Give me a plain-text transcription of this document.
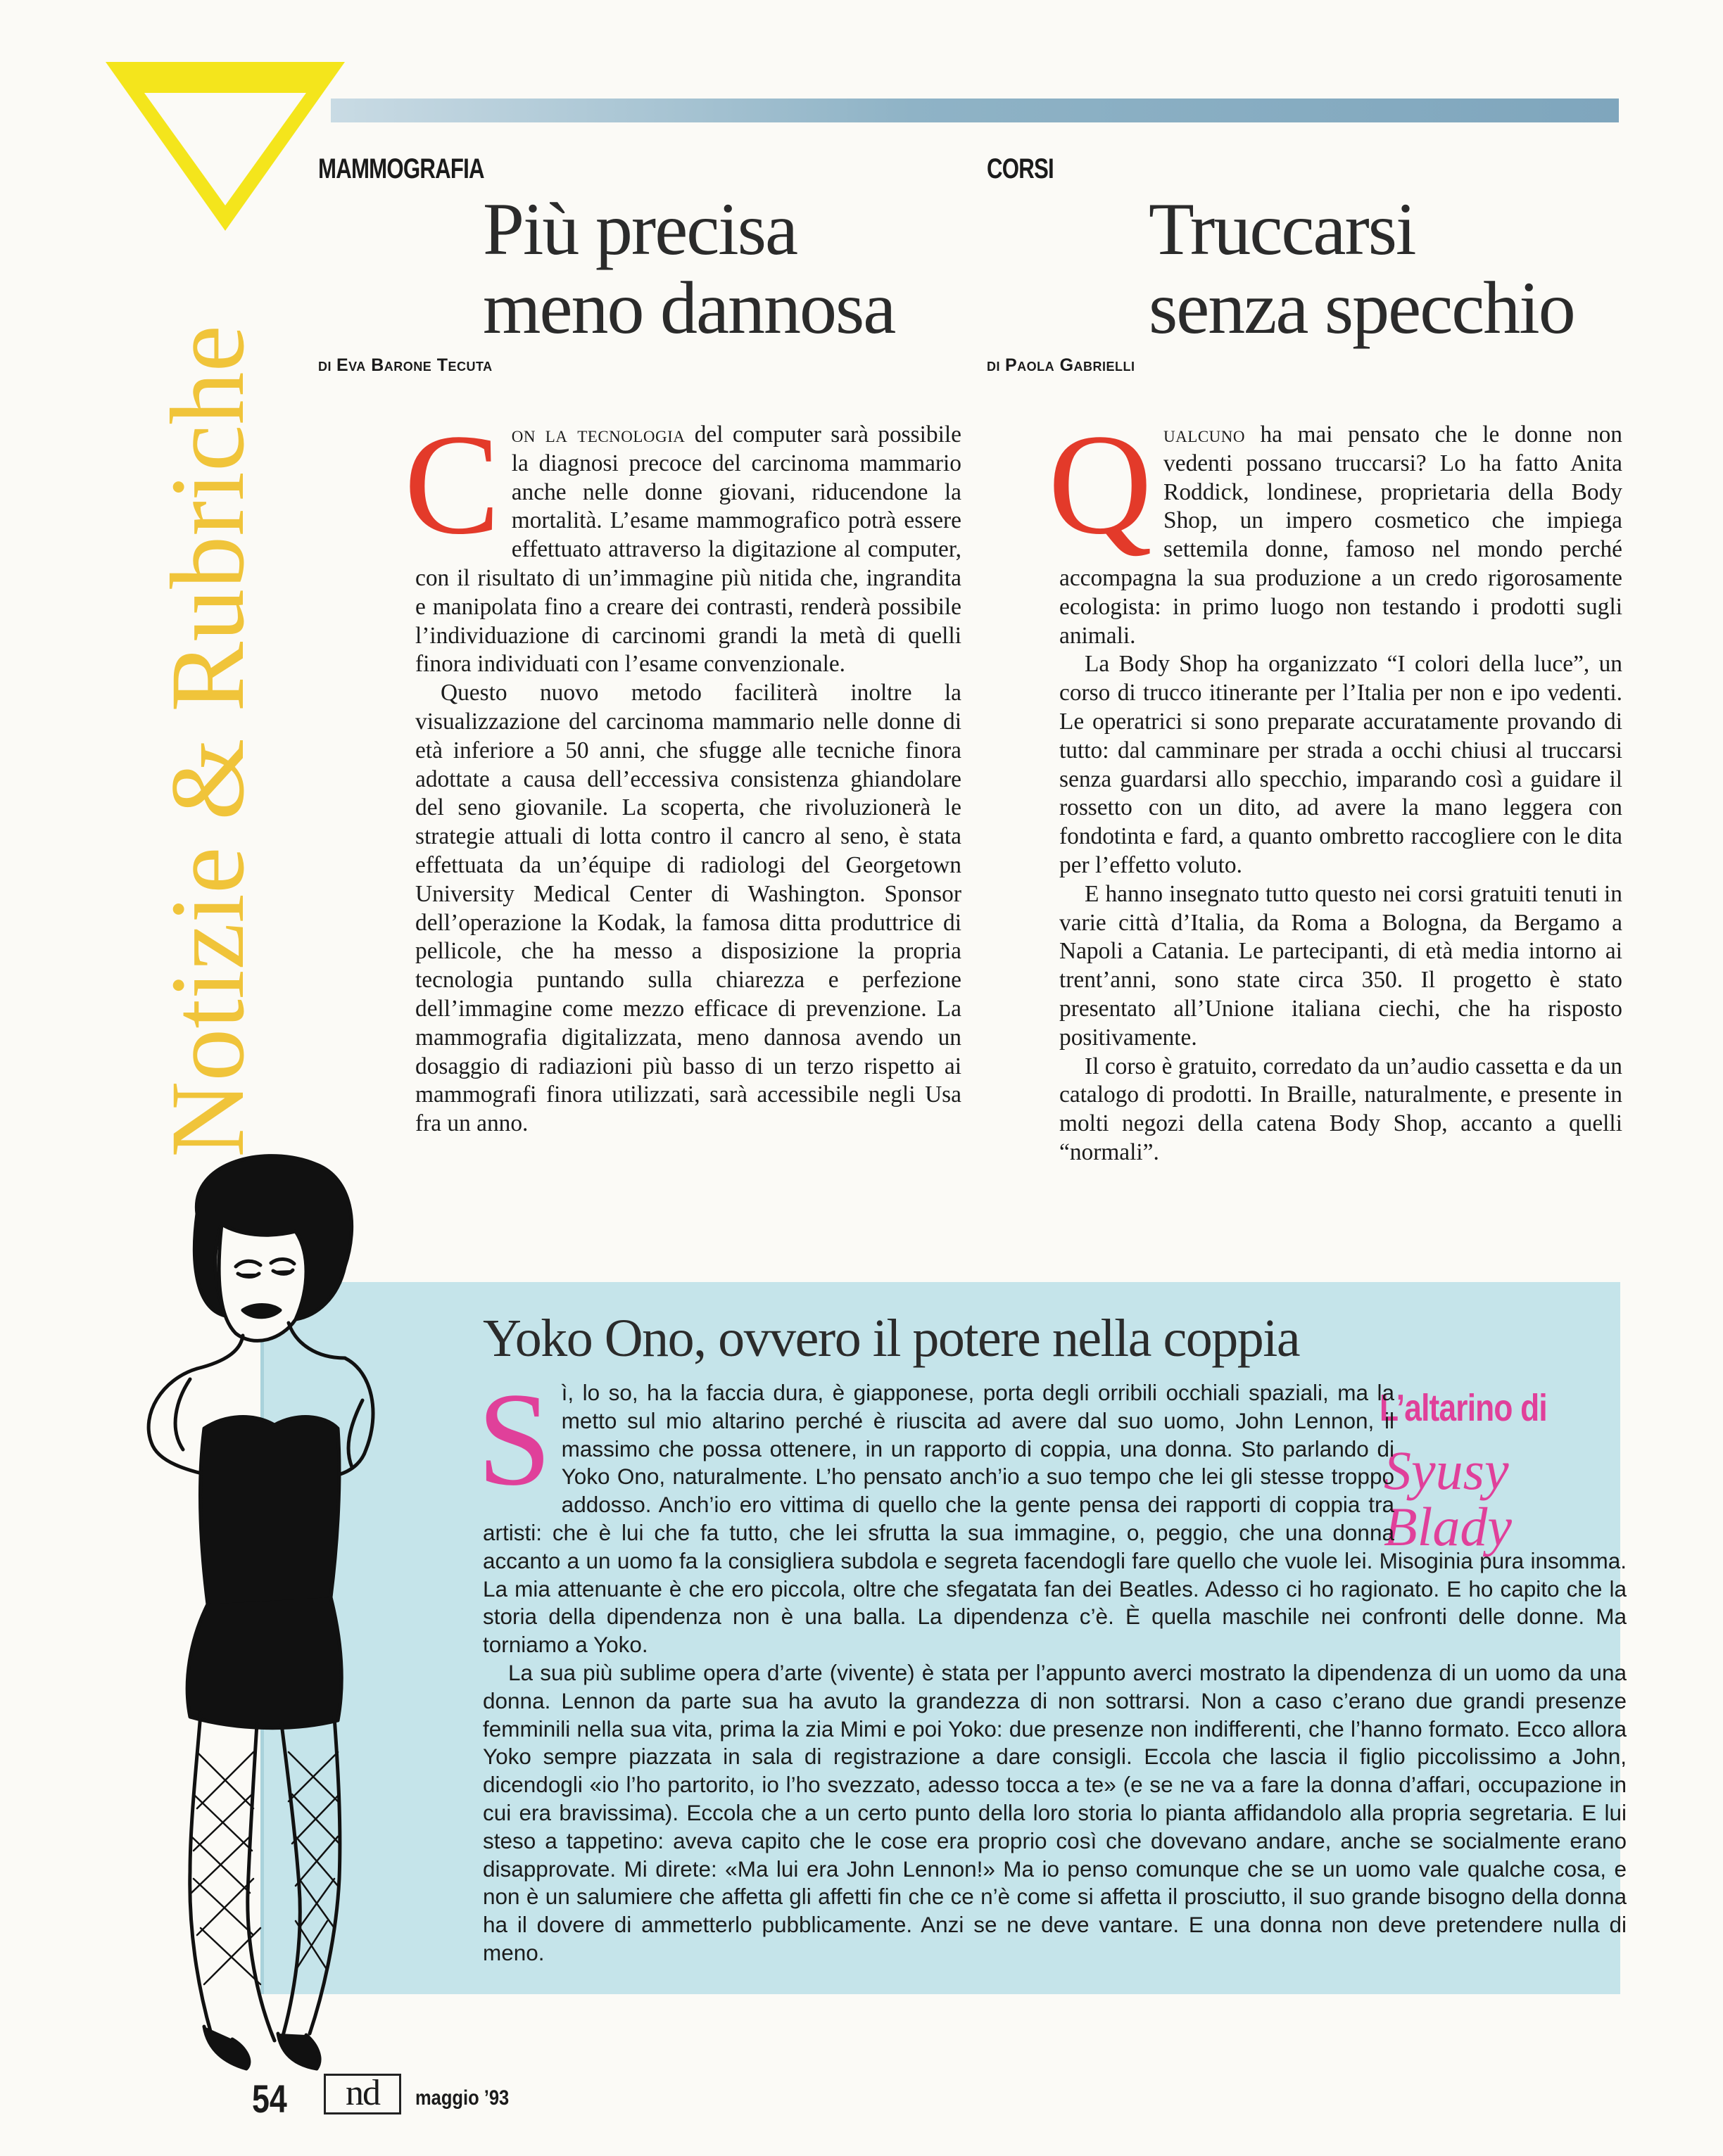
Notizie & Rubriche
MAMMOGRAFIA
Più precisa
meno dannosa
di Eva Barone Tecuta

Con la tecnologia del computer sarà possibile la diagnosi precoce del carcinoma mammario anche nelle donne giovani, riducendone la mortalità. L’esame mammografico potrà essere effettuato attraverso la digitazione al computer, con il risultato di un’immagine più nitida che, ingrandita e manipolata fino a creare dei contrasti, renderà possibile l’individuazione di carcinomi grandi la metà di quelli finora individuati con l’esame convenzionale.

Questo nuovo metodo faciliterà inoltre la visualizzazione del carcinoma mammario nelle donne di età inferiore a 50 anni, che sfugge alle tecniche finora adottate a causa dell’eccessiva consistenza ghiandolare del seno giovanile. La scoperta, che rivoluzionerà le strategie attuali di lotta contro il cancro al seno, è stata effettuata da un’équipe di radiologi del Georgetown University Medical Center di Washington. Sponsor dell’operazione la Kodak, la famosa ditta produttrice di pellicole, che ha messo a disposizione la propria tecnologia puntando sulla chiarezza e perfezione dell’immagine come mezzo efficace di prevenzione. La mammografia digitalizzata, meno dannosa avendo un dosaggio di radiazioni più basso di un terzo rispetto ai mammografi finora utilizzati, sarà accessibile negli Usa fra un anno.

CORSI
Truccarsi
senza specchio
di Paola Gabrielli

Qualcuno ha mai pensato che le donne non vedenti possano truccarsi? Lo ha fatto Anita Roddick, londinese, proprietaria della Body Shop, un impero cosmetico che impiega settemila donne, famoso nel mondo perché accompagna la sua produzione a un credo rigorosamente ecologista: in primo luogo non testando i prodotti sugli animali.

La Body Shop ha organizzato “I colori della luce”, un corso di trucco itinerante per l’Italia per non e ipo vedenti. Le operatrici si sono preparate accuratamente provando di tutto: dal camminare per strada a occhi chiusi al truccarsi senza guardarsi allo specchio, imparando così a guidare il rossetto con un dito, ad avere la mano leggera con fondotinta e fard, a quanto ombretto raccogliere con le dita per l’effetto voluto.

E hanno insegnato tutto questo nei corsi gratuiti tenuti in varie città d’Italia, da Roma a Bologna, da Bergamo a Napoli a Catania. Le partecipanti, di età media intorno ai trent’anni, sono state circa 350. Il progetto è stato presentato all’Unione italiana ciechi, che ha risposto positivamente.

Il corso è gratuito, corredato da un’audio cassetta e da un catalogo di prodotti. In Braille, naturalmente, e presente in molti negozi della catena Body Shop, accanto a quelli “normali”.

Yoko Ono, ovvero il potere nella coppia
L’altarino di
Syusy Blady

Sì, lo so, ha la faccia dura, è giapponese, porta degli orribili occhiali spaziali, ma la metto sul mio altarino perché è riuscita ad avere dal suo uomo, John Lennon, il massimo che possa ottenere, in un rapporto di coppia, una donna. Sto parlando di Yoko Ono, naturalmente. L’ho pensato anch’io a suo tempo che lei gli stesse troppo addosso. Anch’io ero vittima di quello che la gente pensa dei rapporti di coppia tra artisti: che è lui che fa tutto, che lei sfrutta la sua immagine, o, peggio, che una donna accanto a un uomo fa la consigliera subdola e segreta facendogli fare quello che vuole lei. Misoginia pura insomma. La mia attenuante è che ero piccola, oltre che sfegatata fan dei Beatles. Adesso ci ho ragionato. E ho capito che la storia della dipendenza non è una balla. La dipendenza c’è. È quella maschile nei confronti delle donne. Ma torniamo a Yoko.

La sua più sublime opera d’arte (vivente) è stata per l’appunto averci mostrato la dipendenza di un uomo da una donna. Lennon da parte sua ha avuto la grandezza di non sottrarsi. Non a caso c’erano due grandi presenze femminili nella sua vita, prima la zia Mimi e poi Yoko: due presenze non indifferenti, che l’hanno formato. Ecco allora Yoko sempre piazzata in sala di registrazione a dare consigli. Eccola che lascia il figlio piccolissimo a John, dicendogli «io l’ho partorito, io l’ho svezzato, adesso tocca a te» (e se ne va a fare la donna d’affari, occupazione in cui era bravissima). Eccola che a un certo punto della loro storia lo pianta affidandolo alla propria segretaria. E lui steso a tappetino: aveva capito che le cose era proprio così che dovevano andare, anche se socialmente erano disapprovate. Mi direte: «Ma lui era John Lennon!» Ma io penso comunque che se un uomo vale qualche cosa, e non è un salumiere che affetta gli affetti fin che ce n’è come si affetta il prosciutto, il suo grande bisogno della donna ha il dovere di ammetterlo pubblicamente. Anzi se ne deve vantare. E una donna non deve pretendere nulla di meno.

54	nd	maggio ’93
